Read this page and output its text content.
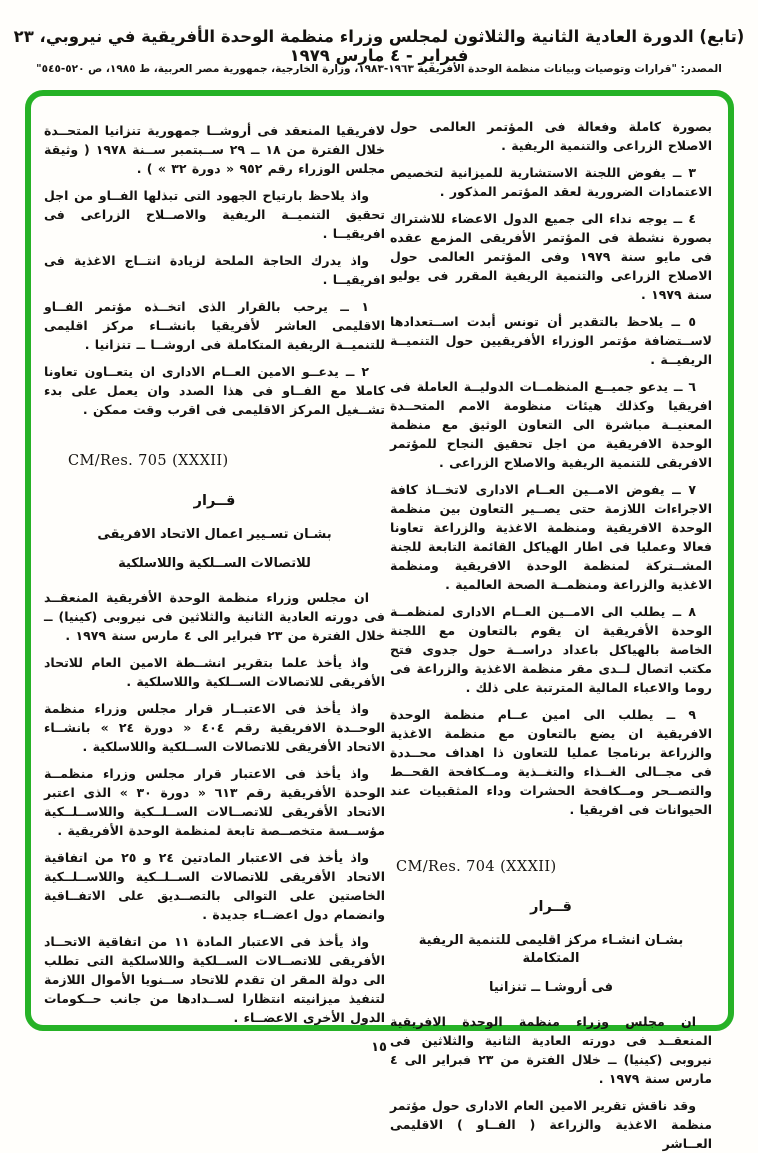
(تابع) الدورة العادية الثانية والثلاثون لمجلس وزراء منظمة الوحدة الأفريقية في نيروبي، ٢٣ فبراير - ٤ مارس ١٩٧٩
المصدر: "قرارات وتوصيات وبيانات منظمة الوحدة الأفريقية ١٩٦٣-١٩٨٣، وزارة الخارجية، جمهورية مصر العربية، ط ١٩٨٥، ص ٥٢٠-٥٤٥"

بصورة كاملة وفعالة فى المؤتمر العالمى حول الاصلاح الزراعى والتنمية الريفية .

٣ ــ يفوض اللجنة الاستشارية للميزانية لتخصيص الاعتمادات الضرورية لعقد المؤتمر المذكور .

٤ ــ يوجه نداء الى جميع الدول الاعضاء للاشتراك بصورة نشطة فى المؤتمر الأفريقى المزمع عقده فى مايو سنة ١٩٧٩ وفى المؤتمر العالمى حول الاصلاح الزراعى والتنمية الريفية المقرر فى يوليو سنة ١٩٧٩ .

٥ ــ يلاحظ بالتقدير أن تونس أبدت اســتعدادها لاســتضافة مؤتمر الوزراء الأفريقيين حول التنميــة الريفيــة .

٦ ــ يدعو جميــع المنظمــات الدوليــة العاملة فى افريقيا وكذلك هيئات منظومة الامم المتحــدة المعنيــة مباشرة الى التعاون الوثيق مع منظمة الوحدة الافريقية من اجل تحقيق النجاح للمؤتمر الافريقى للتنمية الريفية والاصلاح الزراعى .

٧ ــ يفوض الامــين العــام الادارى لاتخــاذ كافة الاجراءات اللازمة حتى يصــير التعاون بين منظمة الوحدة الافريقية ومنظمة الاغذية والزراعة تعاونا فعالا وعمليا فى اطار الهياكل القائمة التابعة للجنة المشــتركة لمنظمة الوحدة الافريقية ومنظمة الاغذية والزراعة ومنظمــة الصحة العالمية .

٨ ــ يطلب الى الامــين العــام الادارى لمنظمــة الوحدة الأفريقية ان يقوم بالتعاون مع اللجنة الخاصة بالهياكل باعداد دراســة حول جدوى فتح مكتب اتصال لــدى مقر منظمة الاغذية والزراعة فى روما والاعباء المالية المترتبة على ذلك .

٩ ــ يطلب الى امين عــام منظمة الوحدة الافريقية ان يضع بالتعاون مع منظمة الاغذية والزراعة برنامجا عمليا للتعاون ذا اهداف محــددة فى مجــالى الغــذاء والتغــذية ومــكافحة القحــط والتصــحر ومــكافحة الحشرات وداء المثقبيات عند الحيوانات فى افريقيا .

CM/Res. 704 (XXXII)
قــرار
بشـان انشـاء مركز اقليمى للتنمية الريفية المتكاملة
فى أروشـا ــ تنزانيا

ان مجلس وزراء منظمة الوحدة الافريقية المنعقــد فى دورته العادية الثانية والثلاثين فى نيروبى (كينيا) ــ خلال الفترة من ٢٣ فبراير الى ٤ مارس سنة ١٩٧٩ .

وقد ناقش تقرير الامين العام الادارى حول مؤتمر منظمة الاغذية والزراعة ( الفــاو ) الاقليمى العــاشر

لافريقيا المنعقد فى أروشــا جمهورية تنزانيا المتحــدة خلال الفترة من ١٨ ــ ٢٩ ســبتمبر ســنة ١٩٧٨ ( وثيقة مجلس الوزراء رقم ٩٥٢ « دورة ٣٢ » ) .

واذ يلاحظ بارتياح الجهود التى تبذلها الفــاو من اجل تحقيق التنميــة الريفية والاصــلاح الزراعى فى افريقيــا .

واذ يدرك الحاجة الملحة لزيادة انتــاج الاغذية فى افريقيــا .

١ ــ يرحب بالقرار الذى اتخــذه مؤتمر الفــاو الاقليمى العاشر لأفريقيا بانشــاء مركز اقليمى للتنميــة الريفية المتكاملة فى اروشــا ــ تنزانيا .

٢ ــ يدعــو الامين العــام الادارى ان يتعــاون تعاونا كاملا مع الفــاو فى هذا الصدد وان يعمل على بدء تشــغيل المركز الاقليمى فى اقرب وقت ممكن .

CM/Res. 705 (XXXII)
قــرار
بشـان تسـيير اعمال الاتحاد الافريقى
للاتصالات الســلكية واللاسلكية

ان مجلس وزراء منظمة الوحدة الأفريقية المنعقــد فى دورته العادية الثانية والثلاثين فى نيروبى (كينيا) ــ خلال الفترة من ٢٣ فبراير الى ٤ مارس سنة ١٩٧٩ .

واذ يأخذ علما بتقرير انشــطة الامين العام للاتحاد الأفريقى للاتصالات الســلكية واللاسلكية .

واذ يأخذ فى الاعتبــار قرار مجلس وزراء منظمة الوحــدة الافريقية رقم ٤٠٤ « دورة ٢٤ » بانشــاء الاتحاد الأفريقى للاتصالات الســلكية واللاسلكية .

واذ يأخذ فى الاعتبار قرار مجلس وزراء منظمــة الوحدة الأفريقية رقم ٦١٣ « دورة ٣٠ » الذى اعتبر الاتحاد الأفريقى للاتصــالات الســلــكية واللاســلــكية مؤســسة متخصــصة تابعة لمنظمة الوحدة الأفريقية .

واذ يأخذ فى الاعتبار المادتين ٢٤ و ٢٥ من اتفاقية الاتحاد الأفريقى للاتصالات الســلــكية واللاســلــكية الخاصتين على التوالى بالتصــديق على الاتفــاقية وانضمام دول اعضــاء جديدة .

واذ يأخذ فى الاعتبار المادة ١١ من اتفاقية الاتحــاد الأفريقى للاتصــالات الســلكية واللاسلكية التى تطلب الى دولة المقر ان تقدم للاتحاد ســنويا الأموال اللازمة لتنفيذ ميزانيته انتظارا لســدادها من جانب حــكومات الدول الأخرى الاعضــاء .

١٥
